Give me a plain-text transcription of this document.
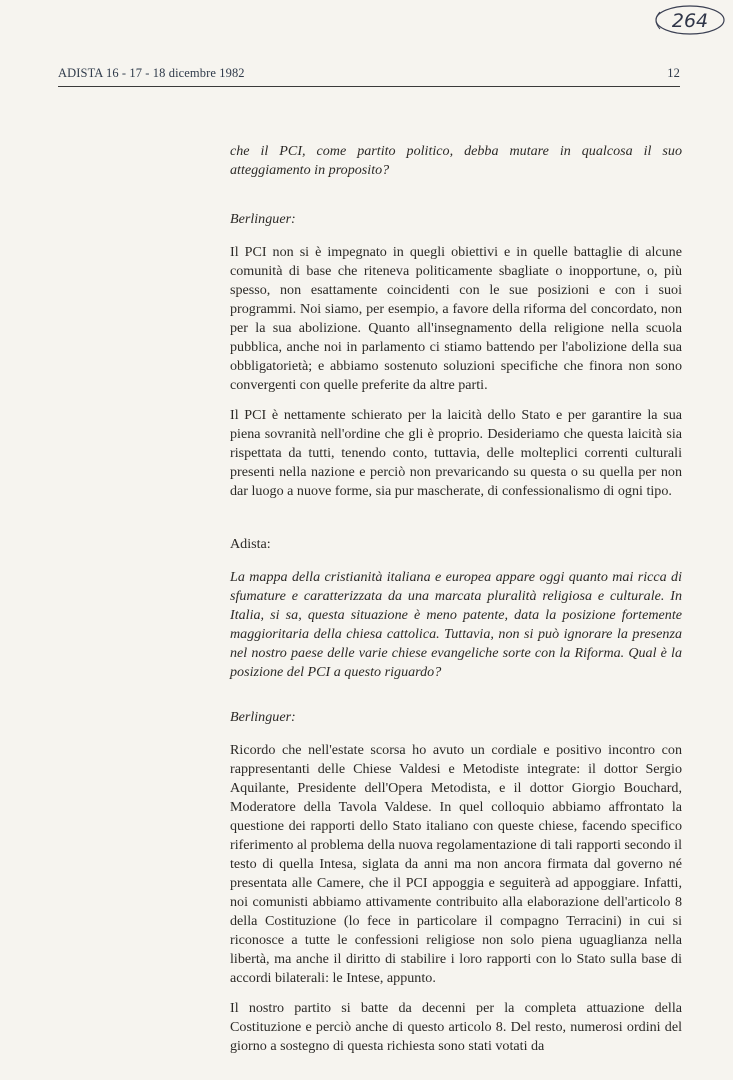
264
ADISTA 16 - 17 - 18 dicembre 1982	12

che il PCI, come partito politico, debba mutare in qualcosa il suo atteggiamento in proposito?

Berlinguer:

Il PCI non si è impegnato in quegli obiettivi e in quelle battaglie di alcune comunità di base che riteneva politicamente sbagliate o inopportune, o, più spesso, non esattamente coincidenti con le sue posizioni e con i suoi programmi. Noi siamo, per esempio, a favore della riforma del concordato, non per la sua abolizione. Quanto all'insegnamento della religione nella scuola pubblica, anche noi in parlamento ci stiamo battendo per l'abolizione della sua obbligatorietà; e abbiamo sostenuto soluzioni specifiche che finora non sono convergenti con quelle preferite da altre parti.

Il PCI è nettamente schierato per la laicità dello Stato e per garantire la sua piena sovranità nell'ordine che gli è proprio. Desideriamo che questa laicità sia rispettata da tutti, tenendo conto, tuttavia, delle molteplici correnti culturali presenti nella nazione e perciò non prevaricando su questa o su quella per non dar luogo a nuove forme, sia pur mascherate, di confessionalismo di ogni tipo.

Adista:

La mappa della cristianità italiana e europea appare oggi quanto mai ricca di sfumature e caratterizzata da una marcata pluralità religiosa e culturale. In Italia, si sa, questa situazione è meno patente, data la posizione fortemente maggioritaria della chiesa cattolica. Tuttavia, non si può ignorare la presenza nel nostro paese delle varie chiese evangeliche sorte con la Riforma. Qual è la posizione del PCI a questo riguardo?

Berlinguer:

Ricordo che nell'estate scorsa ho avuto un cordiale e positivo incontro con rappresentanti delle Chiese Valdesi e Metodiste integrate: il dottor Sergio Aquilante, Presidente dell'Opera Metodista, e il dottor Giorgio Bouchard, Moderatore della Tavola Valdese. In quel colloquio abbiamo affrontato la questione dei rapporti dello Stato italiano con queste chiese, facendo specifico riferimento al problema della nuova regolamentazione di tali rapporti secondo il testo di quella Intesa, siglata da anni ma non ancora firmata dal governo né presentata alle Camere, che il PCI appoggia e seguiterà ad appoggiare. Infatti, noi comunisti abbiamo attivamente contribuito alla elaborazione dell'articolo 8 della Costituzione (lo fece in particolare il compagno Terracini) in cui si riconosce a tutte le confessioni religiose non solo piena uguaglianza nella libertà, ma anche il diritto di stabilire i loro rapporti con lo Stato sulla base di accordi bilaterali: le Intese, appunto.

Il nostro partito si batte da decenni per la completa attuazione della Costituzione e perciò anche di questo articolo 8. Del resto, numerosi ordini del giorno a sostegno di questa richiesta sono stati votati da
